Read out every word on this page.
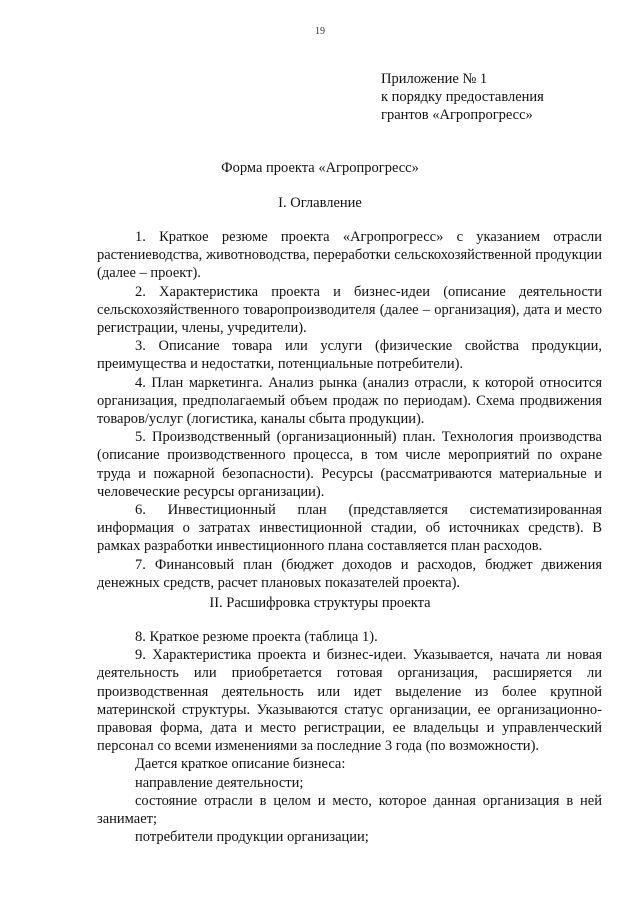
19
Приложение № 1
к порядку предоставления
грантов «Агропрогресс»
Форма проекта «Агропрогресс»
I. Оглавление

1. Краткое резюме проекта «Агропрогресс» с указанием отрасли растениеводства, животноводства, переработки сельскохозяйственной продукции (далее – проект).

2. Характеристика проекта и бизнес-идеи (описание деятельности сельскохозяйственного товаропроизводителя (далее – организация), дата и место регистрации, члены, учредители).

3. Описание товара или услуги (физические свойства продукции, преимущества и недостатки, потенциальные потребители).

4. План маркетинга. Анализ рынка (анализ отрасли, к которой относится организация, предполагаемый объем продаж по периодам). Схема продвижения товаров/услуг (логистика, каналы сбыта продукции).

5. Производственный (организационный) план. Технология производства (описание производственного процесса, в том числе мероприятий по охране труда и пожарной безопасности). Ресурсы (рассматриваются материальные и человеческие ресурсы организации).

6. Инвестиционный план (представляется систематизированная информация о затратах инвестиционной стадии, об источниках средств). В рамках разработки инвестиционного плана составляется план расходов.

7. Финансовый план (бюджет доходов и расходов, бюджет движения денежных средств, расчет плановых показателей проекта).

II. Расшифровка структуры проекта

8. Краткое резюме проекта (таблица 1).

9. Характеристика проекта и бизнес-идеи. Указывается, начата ли новая деятельность или приобретается готовая организация, расширяется ли производственная деятельность или идет выделение из более крупной материнской структуры. Указываются статус организации, ее организационно-правовая форма, дата и место регистрации, ее владельцы и управленческий персонал со всеми изменениями за последние 3 года (по возможности).

Дается краткое описание бизнеса:

направление деятельности;

состояние отрасли в целом и место, которое данная организация в ней занимает;

потребители продукции организации;
